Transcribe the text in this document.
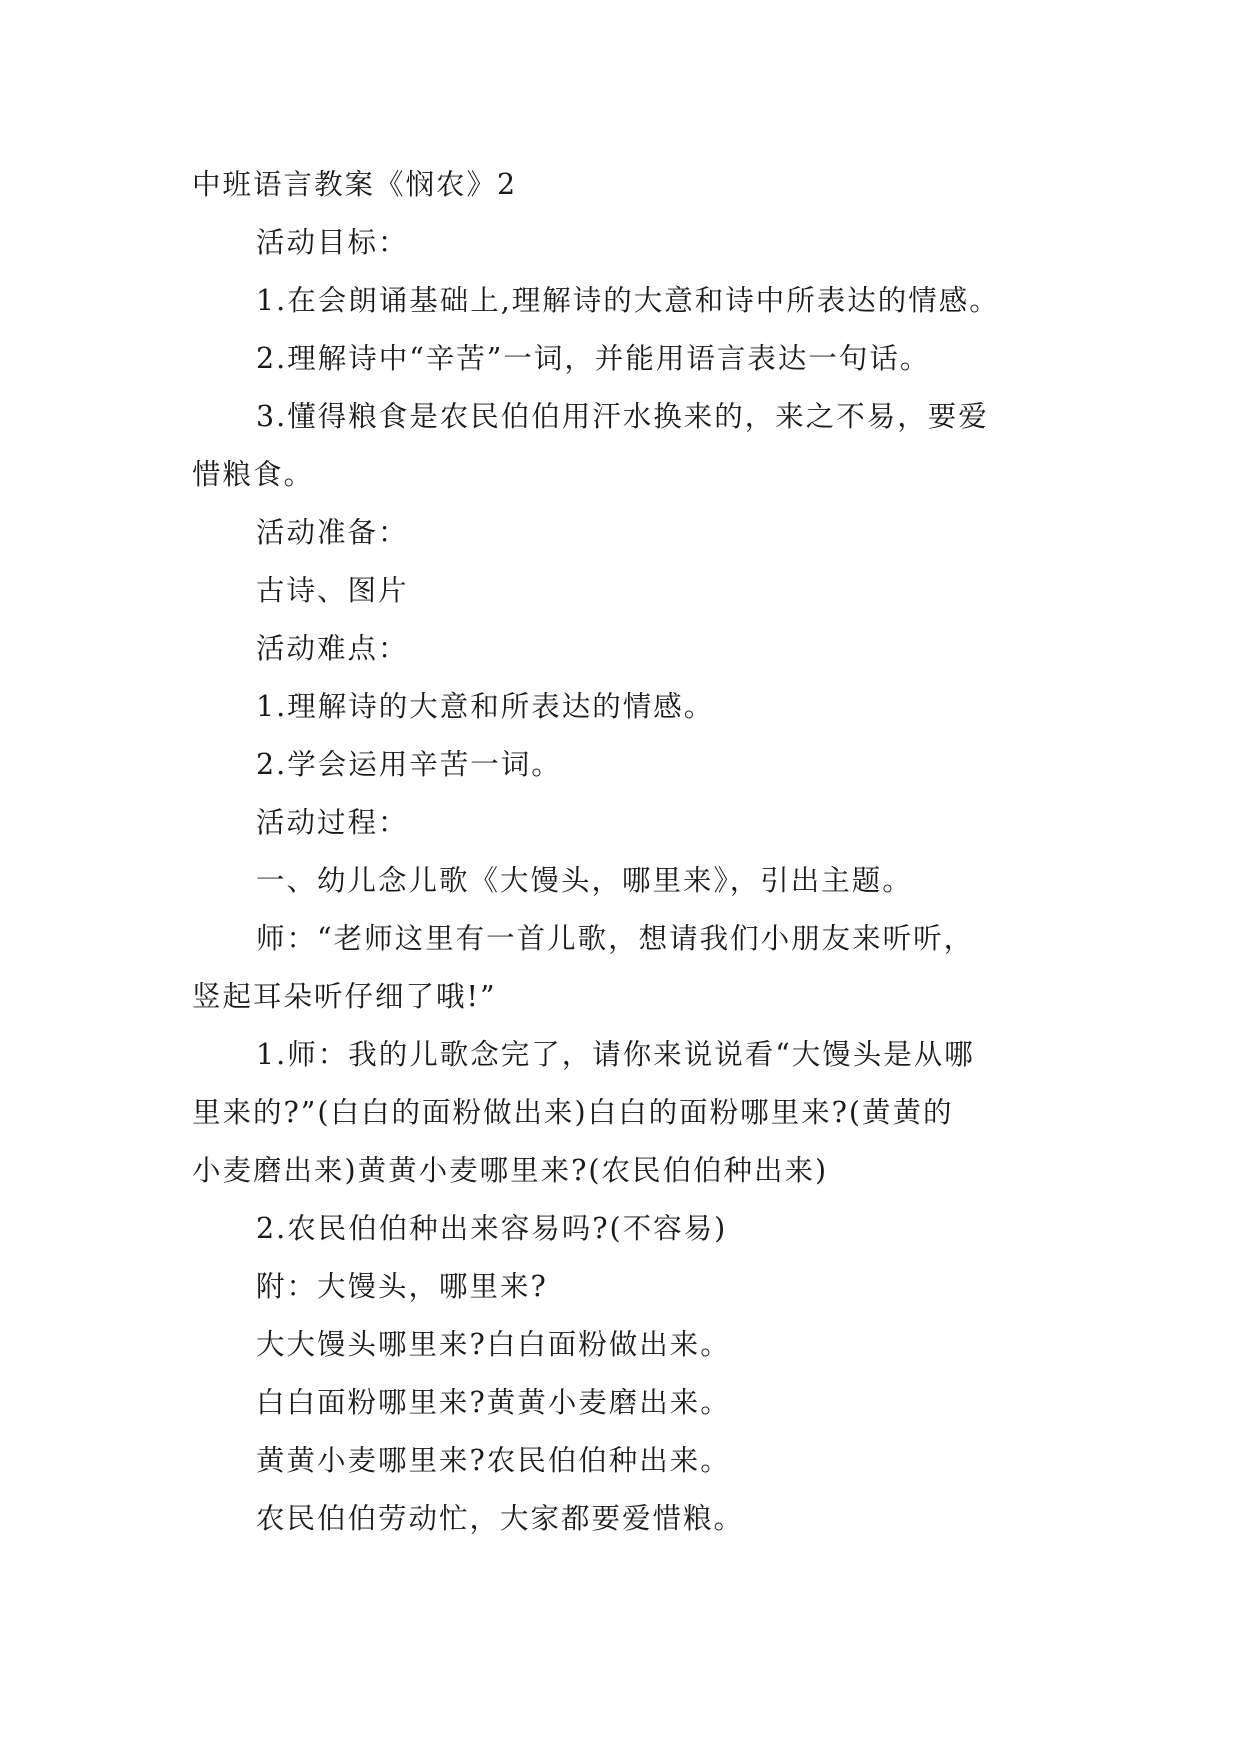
中班语言教案《悯农》2

活动目标：

1.在会朗诵基础上,理解诗的大意和诗中所表达的情感。

2.理解诗中“辛苦”一词，并能用语言表达一句话。

3.懂得粮食是农民伯伯用汗水换来的，来之不易，要爱

惜粮食。

活动准备：

古诗、图片

活动难点：

1.理解诗的大意和所表达的情感。

2.学会运用辛苦一词。

活动过程：

一、幼儿念儿歌《大馒头，哪里来》，引出主题。

师：“老师这里有一首儿歌，想请我们小朋友来听听，

竖起耳朵听仔细了哦!”

1.师：我的儿歌念完了，请你来说说看“大馒头是从哪

里来的?”(白白的面粉做出来)白白的面粉哪里来?(黄黄的

小麦磨出来)黄黄小麦哪里来?(农民伯伯种出来)

2.农民伯伯种出来容易吗?(不容易)

附：大馒头，哪里来?

大大馒头哪里来?白白面粉做出来。

白白面粉哪里来?黄黄小麦磨出来。

黄黄小麦哪里来?农民伯伯种出来。

农民伯伯劳动忙，大家都要爱惜粮。
